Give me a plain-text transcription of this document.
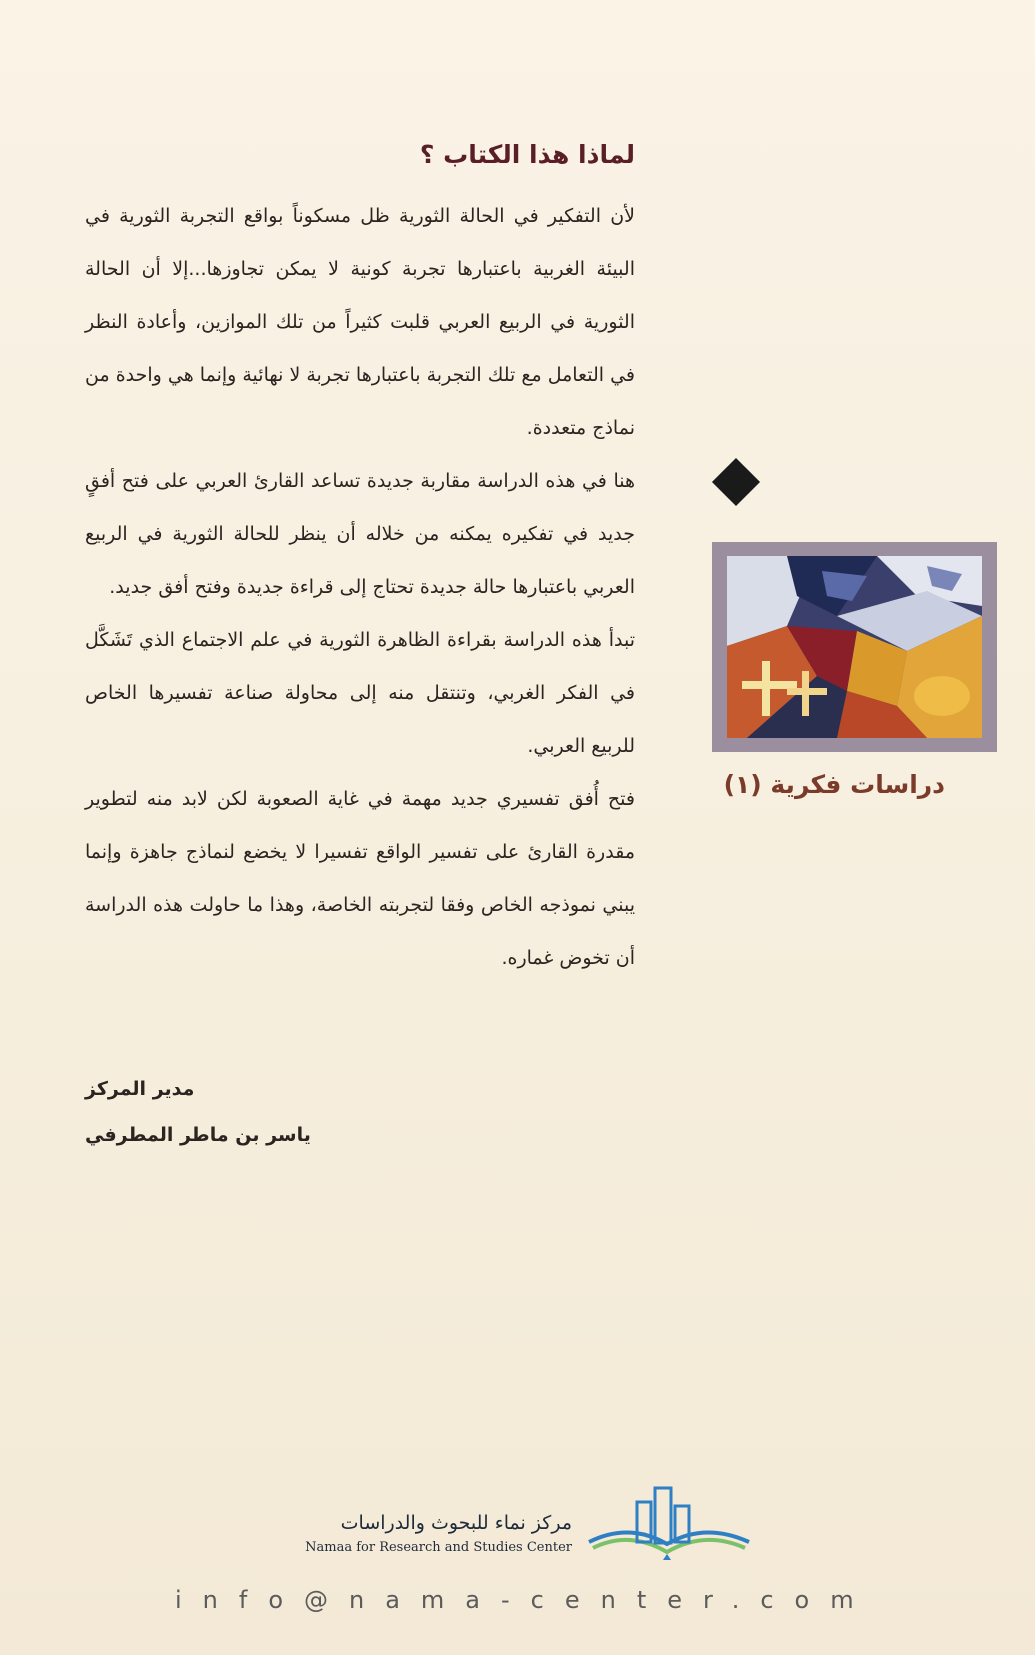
لماذا هذا الكتاب ؟

لأن التفكير في الحالة الثورية ظل مسكوناً بواقع التجربة الثورية في البيئة الغربية باعتبارها تجربة كونية لا يمكن تجاوزها...إلا أن الحالة الثورية في الربيع العربي قلبت كثيراً من تلك الموازين، وأعادة النظر في التعامل مع تلك التجربة باعتبارها تجربة لا نهائية وإنما هي واحدة من نماذج متعددة.

هنا في هذه الدراسة مقاربة جديدة تساعد القارئ العربي على فتح أفقٍ جديد في تفكيره يمكنه من خلاله أن ينظر للحالة الثورية في الربيع العربي باعتبارها حالة جديدة تحتاج إلى قراءة جديدة وفتح أفق جديد.

تبدأ هذه الدراسة بقراءة الظاهرة الثورية في علم الاجتماع الذي تَشَكَّل في الفكر الغربي، وتنتقل منه إلى محاولة صناعة تفسيرها الخاص للربيع العربي.

فتح أُفق تفسيري جديد مهمة في غاية الصعوبة لكن لابد منه لتطوير مقدرة القارئ على تفسير الواقع تفسيرا لا يخضع لنماذج جاهزة وإنما يبني نموذجه الخاص وفقا لتجربته الخاصة، وهذا ما حاولت هذه الدراسة أن تخوض غماره.

مدير المركز
ياسر بن ماطر المطرفي
دراسات فكرية (١)
مركز نماء للبحوث والدراسات
Namaa for Research and Studies Center
info@nama-center.com
